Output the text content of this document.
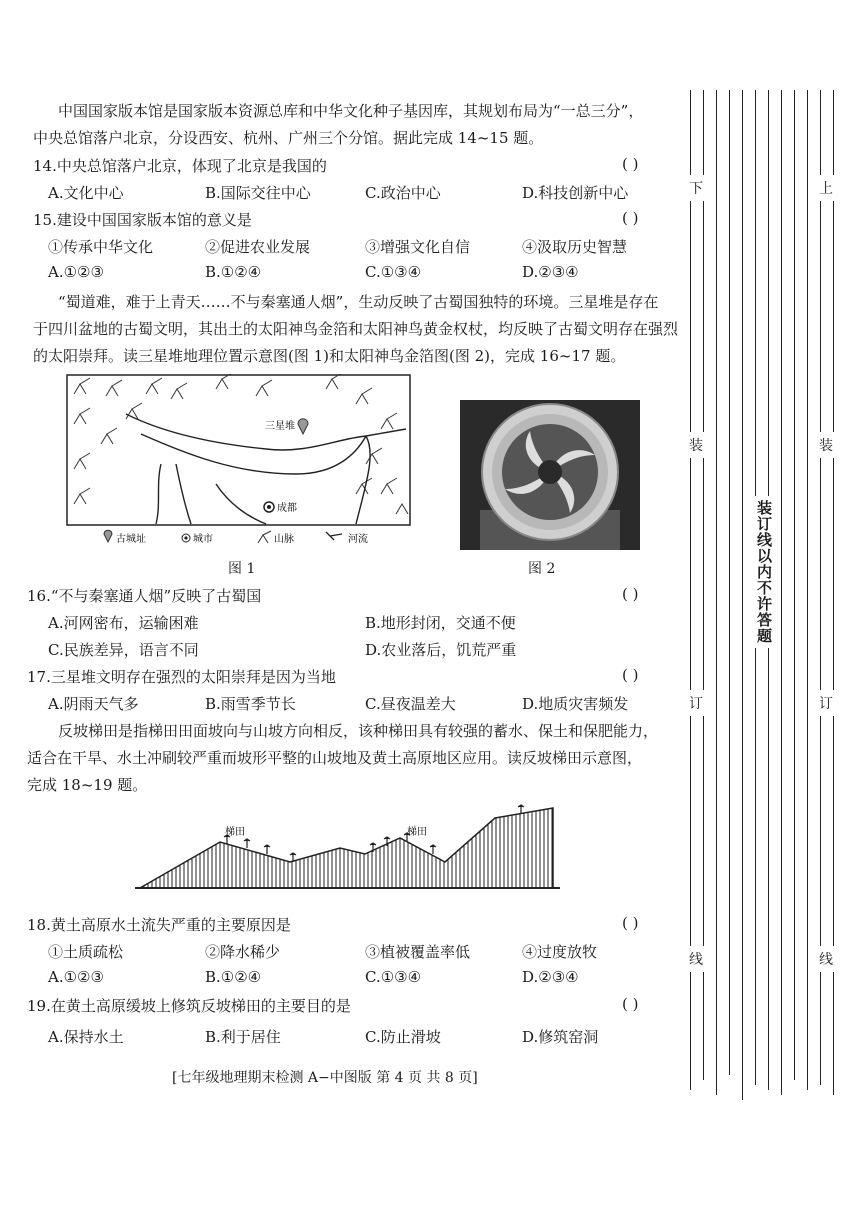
中国国家版本馆是国家版本资源总库和中华文化种子基因库，其规划布局为“一总三分”，
中央总馆落户北京，分设西安、杭州、广州三个分馆。据此完成 14~15 题。
14.中央总馆落户北京，体现了北京是我国的	( )
A.文化中心	B.国际交往中心	C.政治中心	D.科技创新中心
15.建设中国国家版本馆的意义是	( )
①传承中华文化	②促进农业发展	③增强文化自信	④汲取历史智慧
A.①②③	B.①②④	C.①③④	D.②③④
“蜀道难，难于上青天……不与秦塞通人烟”，生动反映了古蜀国独特的环境。三星堆是存在
于四川盆地的古蜀文明，其出土的太阳神鸟金箔和太阳神鸟黄金权杖，均反映了古蜀文明存在强烈
的太阳崇拜。读三星堆地理位置示意图(图 1)和太阳神鸟金箔图(图 2)，完成 16~17 题。
三星堆
成都
古城址	城市	山脉	河流
图 1	图 2
16.“不与秦塞通人烟”反映了古蜀国	( )
A.河网密布，运输困难	B.地形封闭，交通不便
C.民族差异，语言不同	D.农业落后，饥荒严重
17.三星堆文明存在强烈的太阳崇拜是因为当地	( )
A.阴雨天气多	B.雨雪季节长	C.昼夜温差大	D.地质灾害频发
反坡梯田是指梯田田面坡向与山坡方向相反，该种梯田具有较强的蓄水、保土和保肥能力，
适合在干旱、水土冲刷较严重而坡形平整的山坡地及黄土高原地区应用。读反坡梯田示意图，
完成 18~19 题。
梯田	梯田
18.黄土高原水土流失严重的主要原因是	( )
①土质疏松	②降水稀少	③植被覆盖率低	④过度放牧
A.①②③	B.①②④	C.①③④	D.②③④
19.在黄土高原缓坡上修筑反坡梯田的主要目的是	( )
A.保持水土	B.利于居住	C.防止滑坡	D.修筑窑洞
[七年级地理期末检测 A−中图版 第 4 页 共 8 页]
下
装
订
线
上
装
订
线
装订线以内不许答题
